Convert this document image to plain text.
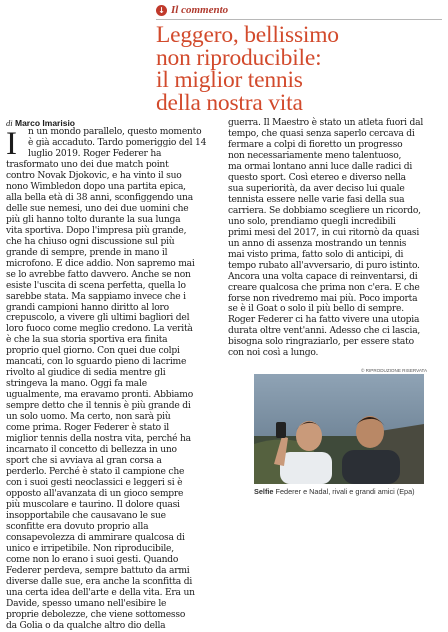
↓ Il commento
Leggero, bellissimo
non riproducibile:
il miglior tennis
della nostra vita
di Marco Imarisio
I	n un mondo parallelo, questo momento
è già accaduto. Tardo pomeriggio del 14
luglio 2019. Roger Federer ha
trasformato uno dei due match point
contro Novak Djokovic, e ha vinto il suo
nono Wimbledon dopo una partita epica,
alla bella età di 38 anni, sconfiggendo una
delle sue nemesi, uno dei due uomini che
più gli hanno tolto durante la sua lunga
vita sportiva. Dopo l'impresa più grande,
che ha chiuso ogni discussione sul più
grande di sempre, prende in mano il
microfono. E dice addio. Non sapremo mai
se lo avrebbe fatto davvero. Anche se non
esiste l'uscita di scena perfetta, quella lo
sarebbe stata. Ma sappiamo invece che i
grandi campioni hanno diritto al loro
crepuscolo, a vivere gli ultimi bagliori del
loro fuoco come meglio credono. La verità
è che la sua storia sportiva era finita
proprio quel giorno. Con quei due colpi
mancati, con lo sguardo pieno di lacrime
rivolto al giudice di sedia mentre gli
stringeva la mano. Oggi fa male
ugualmente, ma eravamo pronti. Abbiamo
sempre detto che il tennis è più grande di
un solo uomo. Ma certo, non sarà più
come prima. Roger Federer è stato il
miglior tennis della nostra vita, perché ha
incarnato il concetto di bellezza in uno
sport che si avviava al gran corsa a
perderlo. Perché è stato il campione che
con i suoi gesti neoclassici e leggeri si è
opposto all'avanzata di un gioco sempre
più muscolare e taurino. Il dolore quasi
insopportabile che causavano le sue
sconfitte era dovuto proprio alla
consapevolezza di ammirare qualcosa di
unico e irripetibile. Non riproducibile,
come non lo erano i suoi gesti. Quando
Federer perdeva, sempre battuto da armi
diverse dalle sue, era anche la sconfitta di
una certa idea dell'arte e della vita. Era un
Davide, spesso umano nell'esibire le
proprie debolezze, che viene sottomesso
da Golia o da qualche altro dio della
guerra. Il Maestro è stato un atleta fuori dal
tempo, che quasi senza saperlo cercava di
fermare a colpi di fioretto un progresso
non necessariamente meno talentuoso,
ma ormai lontano anni luce dalle radici di
questo sport. Così etereo e diverso nella
sua superiorità, da aver deciso lui quale
tennista essere nelle varie fasi della sua
carriera. Se dobbiamo scegliere un ricordo,
uno solo, prendiamo quegli incredibili
primi mesi del 2017, in cui ritornò da quasi
un anno di assenza mostrando un tennis
mai visto prima, fatto solo di anticipi, di
tempo rubato all'avversario, di puro istinto.
Ancora una volta capace di reinventarsi, di
creare qualcosa che prima non c'era. E che
forse non rivedremo mai più. Poco importa
se è il Goat o solo il più bello di sempre.
Roger Federer ci ha fatto vivere una utopia
durata oltre vent'anni. Adesso che ci lascia,
bisogna solo ringraziarlo, per essere stato
con noi così a lungo.
© RIPRODUZIONE RISERVATA
Selfie Federer e Nadal, rivali e grandi amici (Epa)
